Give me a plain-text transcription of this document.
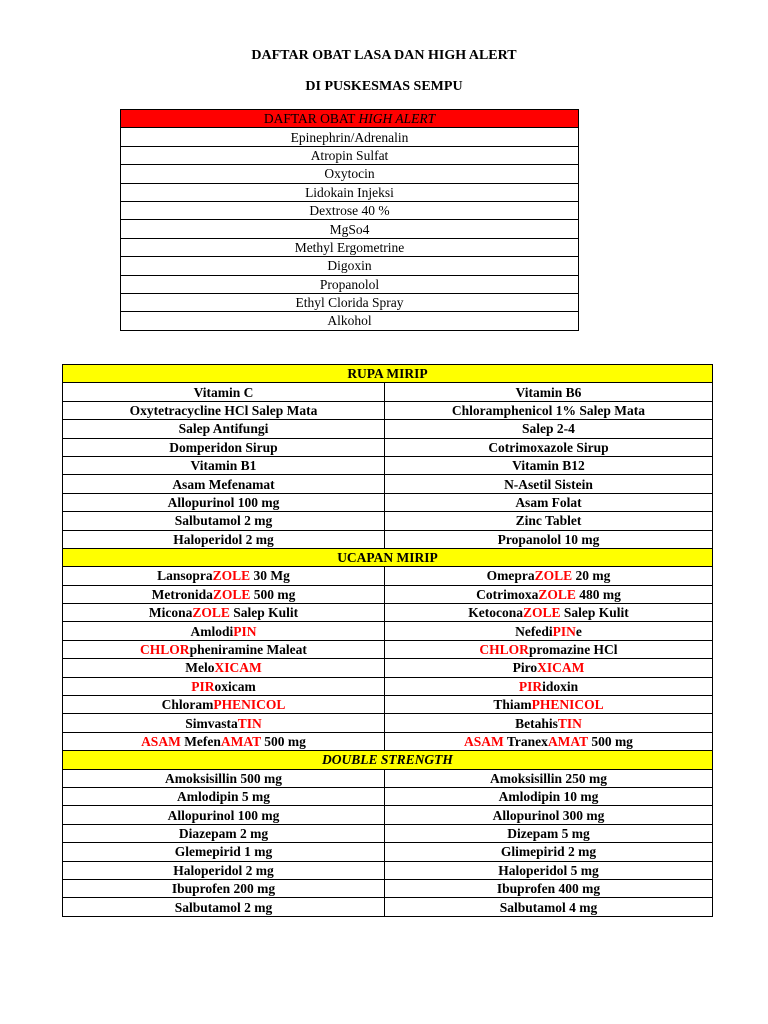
DAFTAR OBAT LASA DAN HIGH ALERT
DI PUSKESMAS SEMPU
DAFTAR OBAT HIGH ALERT
Epinephrin/Adrenalin
Atropin Sulfat
Oxytocin
Lidokain Injeksi
Dextrose 40 %
MgSo4
Methyl Ergometrine
Digoxin
Propanolol
Ethyl Clorida Spray
Alkohol
RUPA MIRIP	
Vitamin C	Vitamin B6
Oxytetracycline HCl Salep Mata	Chloramphenicol 1% Salep Mata
Salep Antifungi	Salep 2-4
Domperidon Sirup	Cotrimoxazole Sirup
Vitamin B1	Vitamin B12
Asam Mefenamat	N-Asetil Sistein
Allopurinol 100 mg	Asam Folat
Salbutamol 2 mg	Zinc Tablet
Haloperidol 2 mg	Propanolol 10 mg
UCAPAN MIRIP	
LansopraZOLE 30 Mg	OmepraZOLE 20 mg
MetronidaZOLE 500 mg	CotrimoxaZOLE 480 mg
MiconaZOLE Salep Kulit	KetoconaZOLE Salep Kulit
AmlodiPIN	NefediPINe
CHLORpheniramine Maleat	CHLORpromazine HCl
MeloXICAM	PiroXICAM
PIRoxicam	PIRidoxin
ChloramPHENICOL	ThiamPHENICOL
SimvastaTIN	BetahisTIN
ASAM MefenAMAT 500 mg	ASAM TranexAMAT 500 mg
DOUBLE STRENGTH	
Amoksisillin 500 mg	Amoksisillin 250 mg
Amlodipin 5 mg	Amlodipin 10 mg
Allopurinol 100 mg	Allopurinol 300 mg
Diazepam 2 mg	Dizepam 5 mg
Glemepirid 1 mg	Glimepirid 2 mg
Haloperidol 2 mg	Haloperidol 5 mg
Ibuprofen 200 mg	Ibuprofen 400 mg
Salbutamol 2 mg	Salbutamol 4 mg
